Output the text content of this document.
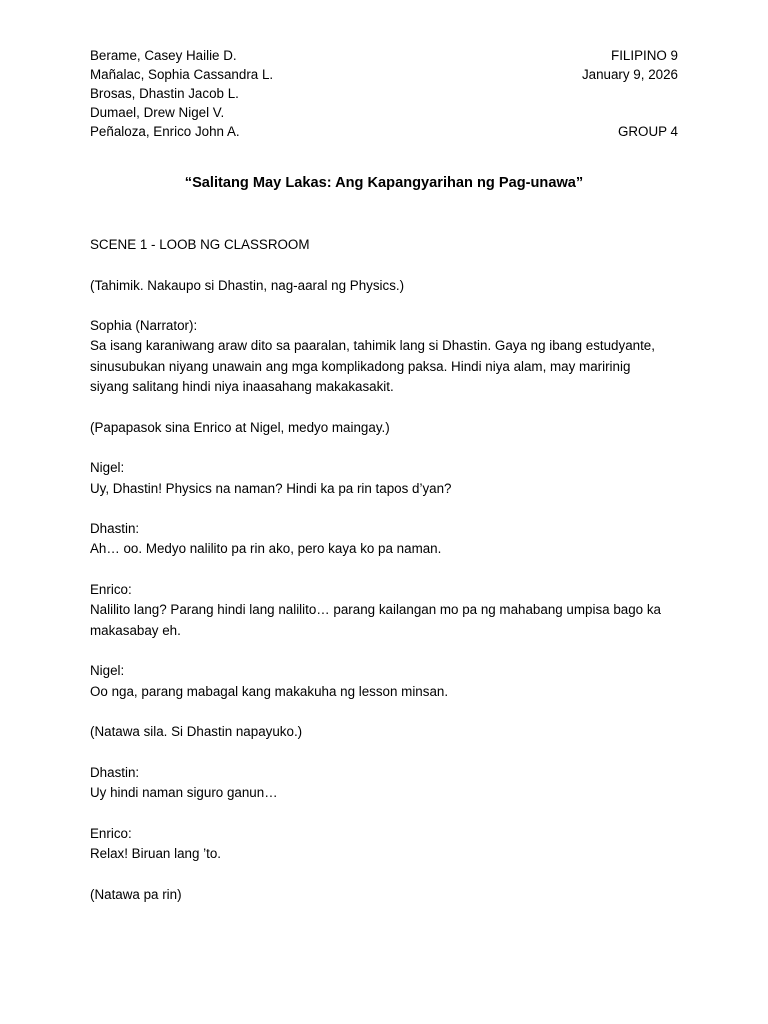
Berame, Casey Hailie D.	FILIPINO 9
Mañalac, Sophia Cassandra L.	January 9, 2026
Brosas, Dhastin Jacob L.
Dumael, Drew Nigel V.
Peñaloza, Enrico John A.	GROUP 4
“Salitang May Lakas: Ang Kapangyarihan ng Pag-unawa”
SCENE 1 - LOOB NG CLASSROOM
(Tahimik. Nakaupo si Dhastin, nag-aaral ng Physics.)
Sophia (Narrator):
Sa isang karaniwang araw dito sa paaralan, tahimik lang si Dhastin. Gaya ng ibang estudyante,
sinusubukan niyang unawain ang mga komplikadong paksa. Hindi niya alam, may maririnig
siyang salitang hindi niya inaasahang makakasakit.
(Papapasok sina Enrico at Nigel, medyo maingay.)
Nigel:
Uy, Dhastin! Physics na naman? Hindi ka pa rin tapos d’yan?
Dhastin:
Ah… oo. Medyo nalilito pa rin ako, pero kaya ko pa naman.
Enrico:
Nalilito lang? Parang hindi lang nalilito… parang kailangan mo pa ng mahabang umpisa bago ka
makasabay eh.
Nigel:
Oo nga, parang mabagal kang makakuha ng lesson minsan.
(Natawa sila. Si Dhastin napayuko.)
Dhastin:
Uy hindi naman siguro ganun…
Enrico:
Relax! Biruan lang ’to.
(Natawa pa rin)
